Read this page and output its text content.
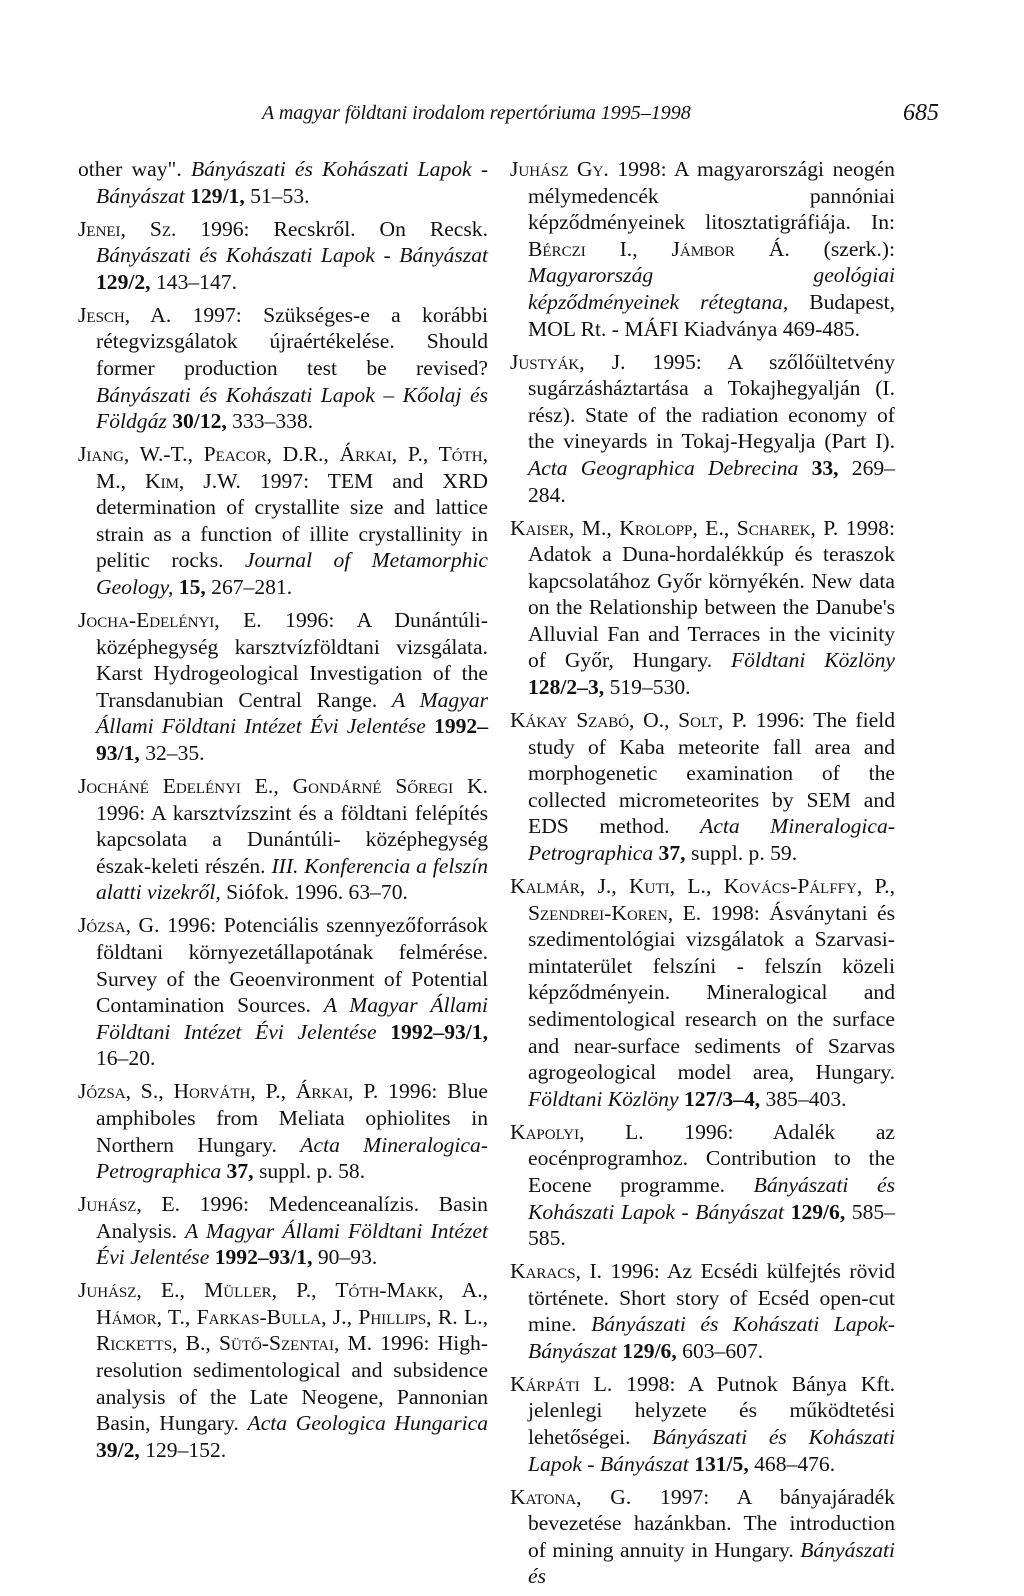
A magyar földtani irodalom repertóriuma 1995–1998	685

other way". Bányászati és Kohászati Lapok - Bányászat 129/1, 51–53.

Jenei, Sz. 1996: Recskről. On Recsk. Bányászati és Kohászati Lapok - Bányászat 129/2, 143–147.

Jesch, A. 1997: Szükséges-e a korábbi rétegvizsgálatok újraértékelése. Should former production test be revised? Bányászati és Kohászati Lapok – Kőolaj és Földgáz 30/12, 333–338.

Jiang, W.-T., Peacor, D.R., Árkai, P., Tóth, M., Kim, J.W. 1997: TEM and XRD determination of crystallite size and lattice strain as a function of illite crystallinity in pelitic rocks. Journal of Metamorphic Geology, 15, 267–281.

Jocha-Edelényi, E. 1996: A Dunántúli-középhegység karsztvízföldtani vizsgálata. Karst Hydrogeological Investigation of the Transdanubian Central Range. A Magyar Állami Földtani Intézet Évi Jelentése 1992–93/1, 32–35.

Jocháné Edelényi E., Gondárné Sőregi K. 1996: A karsztvízszint és a földtani felépítés kapcsolata a Dunántúli- középhegység észak-keleti részén. III. Konferencia a felszín alatti vizekről, Siófok. 1996. 63–70.

Józsa, G. 1996: Potenciális szennyezőforrások földtani környezetállapotának felmérése. Survey of the Geoenvironment of Potential Contamination Sources. A Magyar Állami Földtani Intézet Évi Jelentése 1992–93/1, 16–20.

Józsa, S., Horváth, P., Árkai, P. 1996: Blue amphiboles from Meliata ophiolites in Northern Hungary. Acta Mineralogica-Petrographica 37, suppl. p. 58.

Juhász, E. 1996: Medenceanalízis. Basin Analysis. A Magyar Állami Földtani Intézet Évi Jelentése 1992–93/1, 90–93.

Juhász, E., Müller, P., Tóth-Makk, A., Hámor, T., Farkas-Bulla, J., Phillips, R. L., Ricketts, B., Sütő-Szentai, M. 1996: High-resolution sedimentological and subsidence analysis of the Late Neogene, Pannonian Basin, Hungary. Acta Geologica Hungarica 39/2, 129–152.

Juhász Gy. 1998: A magyarországi neogén mélymedencék pannóniai képződményeinek litosztatigráfiája. In: Bérczi I., Jámbor Á. (szerk.): Magyarország geológiai képződményeinek rétegtana, Budapest, MOL Rt. - MÁFI Kiadványa 469-485.

Justyák, J. 1995: A szőlőültetvény sugárzásháztartása a Tokajhegyalján (I. rész). State of the radiation economy of the vineyards in Tokaj-Hegyalja (Part I). Acta Geographica Debrecina 33, 269–284.

Kaiser, M., Krolopp, E., Scharek, P. 1998: Adatok a Duna-hordalékkúp és teraszok kapcsolatához Győr környékén. New data on the Relationship between the Danube's Alluvial Fan and Terraces in the vicinity of Győr, Hungary. Földtani Közlöny 128/2–3, 519–530.

Kákay Szabó, O., Solt, P. 1996: The field study of Kaba meteorite fall area and morphogenetic examination of the collected micrometeorites by SEM and EDS method. Acta Mineralogica-Petrographica 37, suppl. p. 59.

Kalmár, J., Kuti, L., Kovács-Pálffy, P., Szendrei-Koren, E. 1998: Ásványtani és szedimentológiai vizsgálatok a Szarvasi-mintaterület felszíni - felszín közeli képződményein. Mineralogical and sedimentological research on the surface and near-surface sediments of Szarvas agrogeological model area, Hungary. Földtani Közlöny 127/3–4, 385–403.

Kapolyi, L. 1996: Adalék az eocénprogramhoz. Contribution to the Eocene programme. Bányászati és Kohászati Lapok - Bányászat 129/6, 585–585.

Karacs, I. 1996: Az Ecsédi külfejtés rövid története. Short story of Ecséd open-cut mine. Bányászati és Kohászati Lapok- Bányászat 129/6, 603–607.

Kárpáti L. 1998: A Putnok Bánya Kft. jelenlegi helyzete és működtetési lehetőségei. Bányászati és Kohászati Lapok - Bányászat 131/5, 468–476.

Katona, G. 1997: A bányajáradék bevezetése hazánkban. The introduction of mining annuity in Hungary. Bányászati és
